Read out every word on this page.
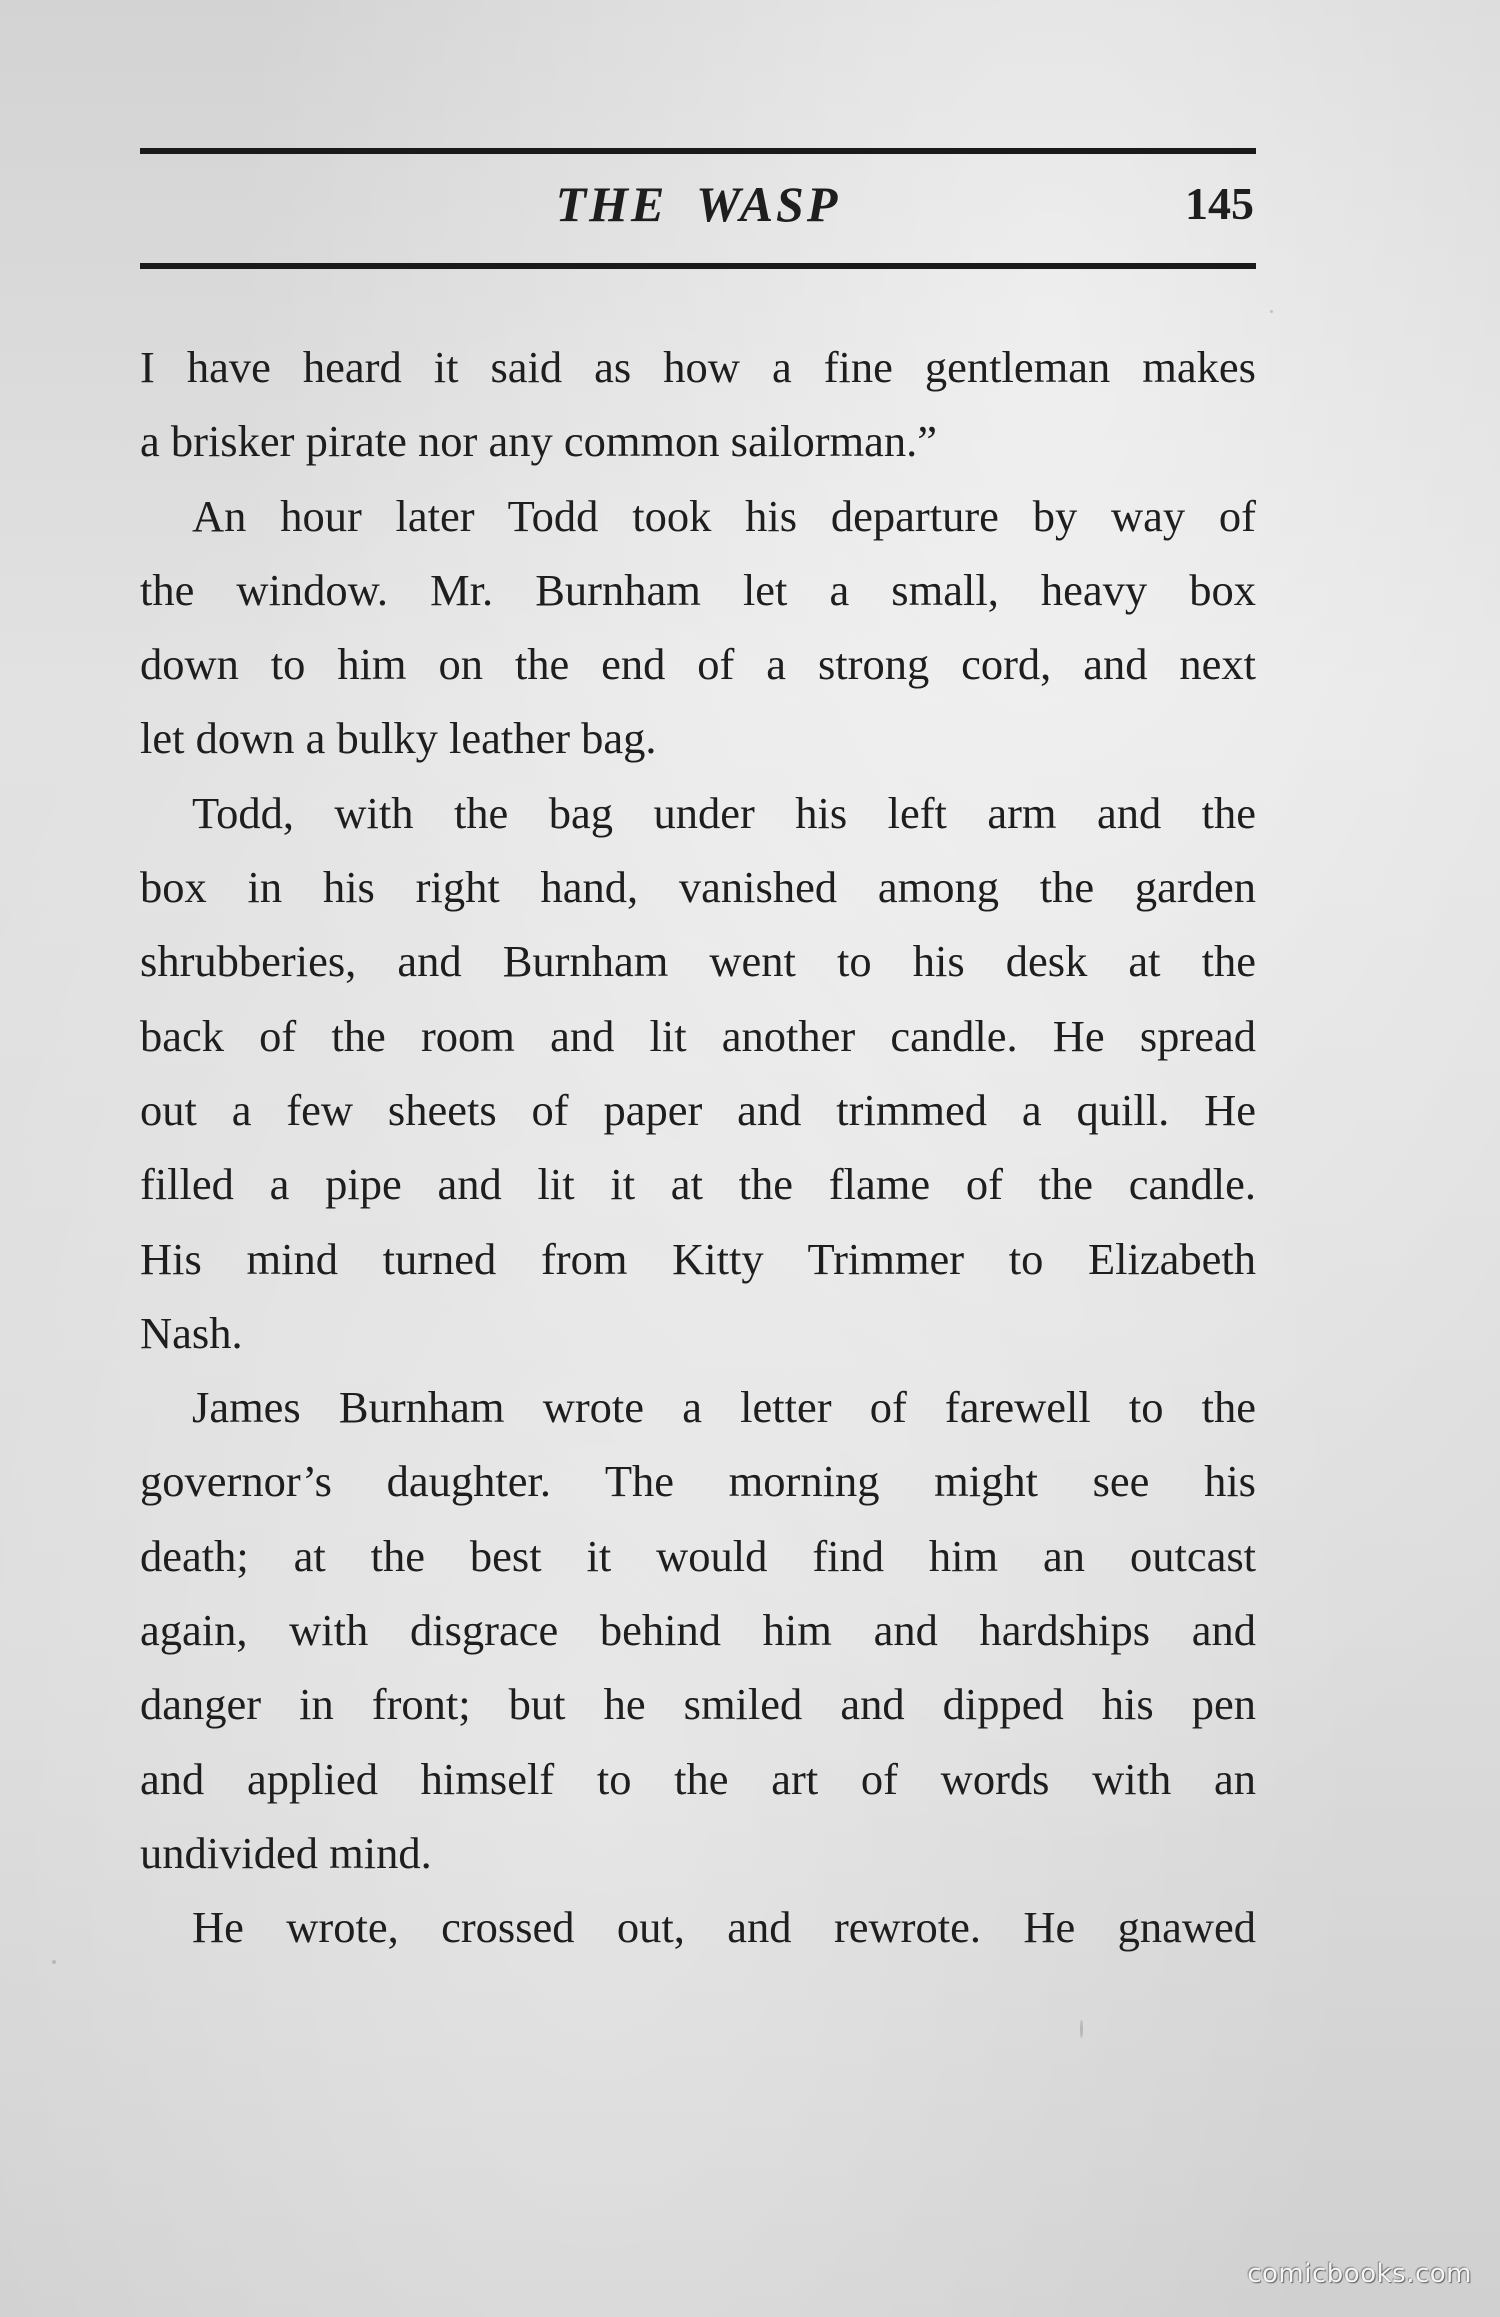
THE WASP	145
I have heard it said as how a fine gentleman makes
a brisker pirate nor any common sailorman.”
An hour later Todd took his departure by way of
the window. Mr. Burnham let a small, heavy box
down to him on the end of a strong cord, and next
let down a bulky leather bag.
Todd, with the bag under his left arm and the
box in his right hand, vanished among the garden
shrubberies, and Burnham went to his desk at the
back of the room and lit another candle. He spread
out a few sheets of paper and trimmed a quill. He
filled a pipe and lit it at the flame of the candle.
His mind turned from Kitty Trimmer to Elizabeth
Nash.
James Burnham wrote a letter of farewell to the
governor’s daughter. The morning might see his
death; at the best it would find him an outcast
again, with disgrace behind him and hardships and
danger in front; but he smiled and dipped his pen
and applied himself to the art of words with an
undivided mind.
He wrote, crossed out, and rewrote. He gnawed
comicbooks.com
